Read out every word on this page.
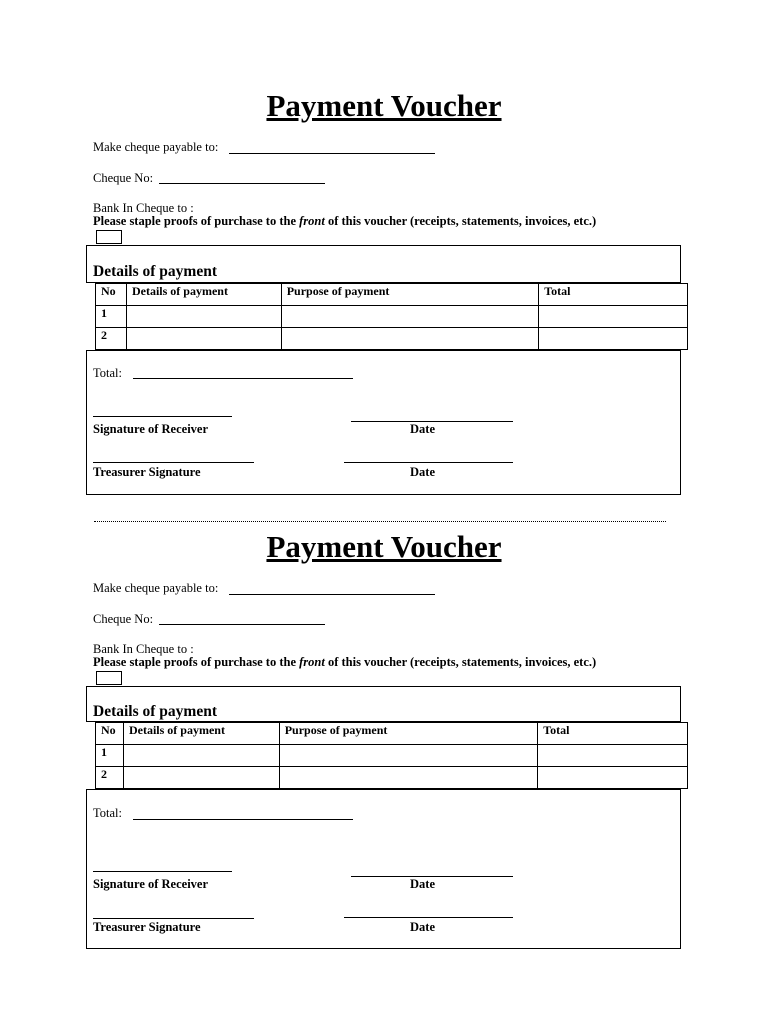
Payment Voucher
Make cheque payable to:
Cheque No:
Bank In Cheque to :
Please staple proofs of purchase to the front of this voucher (receipts, statements, invoices, etc.)
Details of payment
No	Details of payment	Purpose of payment	Total
1			
2			
Total:
Signature of Receiver	Date
Treasurer Signature	Date
Payment Voucher
Make cheque payable to:
Cheque No:
Bank In Cheque to :
Please staple proofs of purchase to the front of this voucher (receipts, statements, invoices, etc.)
Details of payment
No	Details of payment	Purpose of payment	Total
1			
2			
Total:
Signature of Receiver	Date
Treasurer Signature	Date
